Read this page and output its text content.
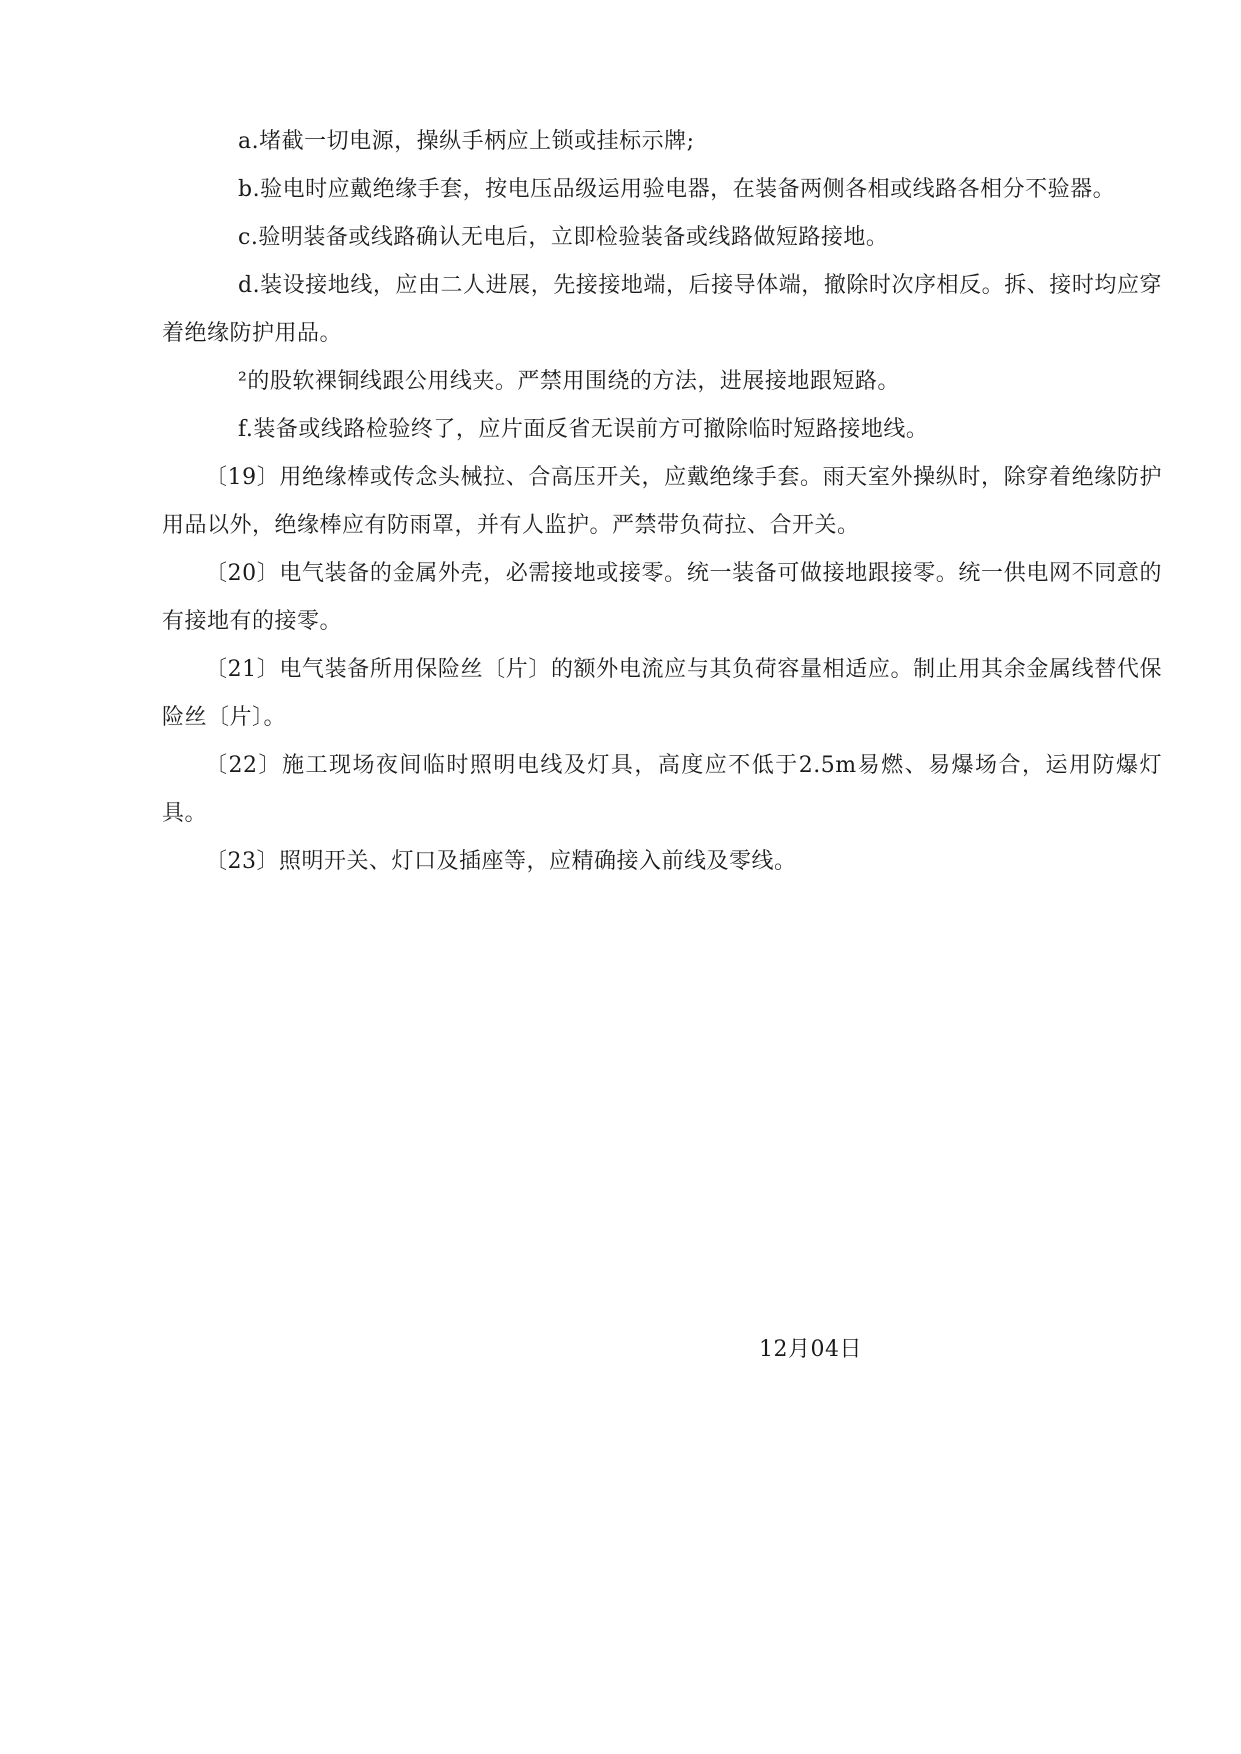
a.堵截一切电源，操纵手柄应上锁或挂标示牌;

b.验电时应戴绝缘手套，按电压品级运用验电器，在装备两侧各相或线路各相分不验器。

c.验明装备或线路确认无电后，立即检验装备或线路做短路接地。

d.装设接地线，应由二人进展，先接接地端，后接导体端，撤除时次序相反。拆、接时均应穿着绝缘防护用品。

²的股软裸铜线跟公用线夹。严禁用围绕的方法，进展接地跟短路。

f.装备或线路检验终了，应片面反省无误前方可撤除临时短路接地线。

〔19〕用绝缘棒或传念头械拉、合高压开关，应戴绝缘手套。雨天室外操纵时，除穿着绝缘防护用品以外，绝缘棒应有防雨罩，并有人监护。严禁带负荷拉、合开关。

〔20〕电气装备的金属外壳，必需接地或接零。统一装备可做接地跟接零。统一供电网不同意的有接地有的接零。

〔21〕电气装备所用保险丝〔片〕的额外电流应与其负荷容量相适应。制止用其余金属线替代保险丝〔片〕。

〔22〕施工现场夜间临时照明电线及灯具，高度应不低于2.5m易燃、易爆场合，运用防爆灯具。

〔23〕照明开关、灯口及插座等，应精确接入前线及零线。

12月04日
